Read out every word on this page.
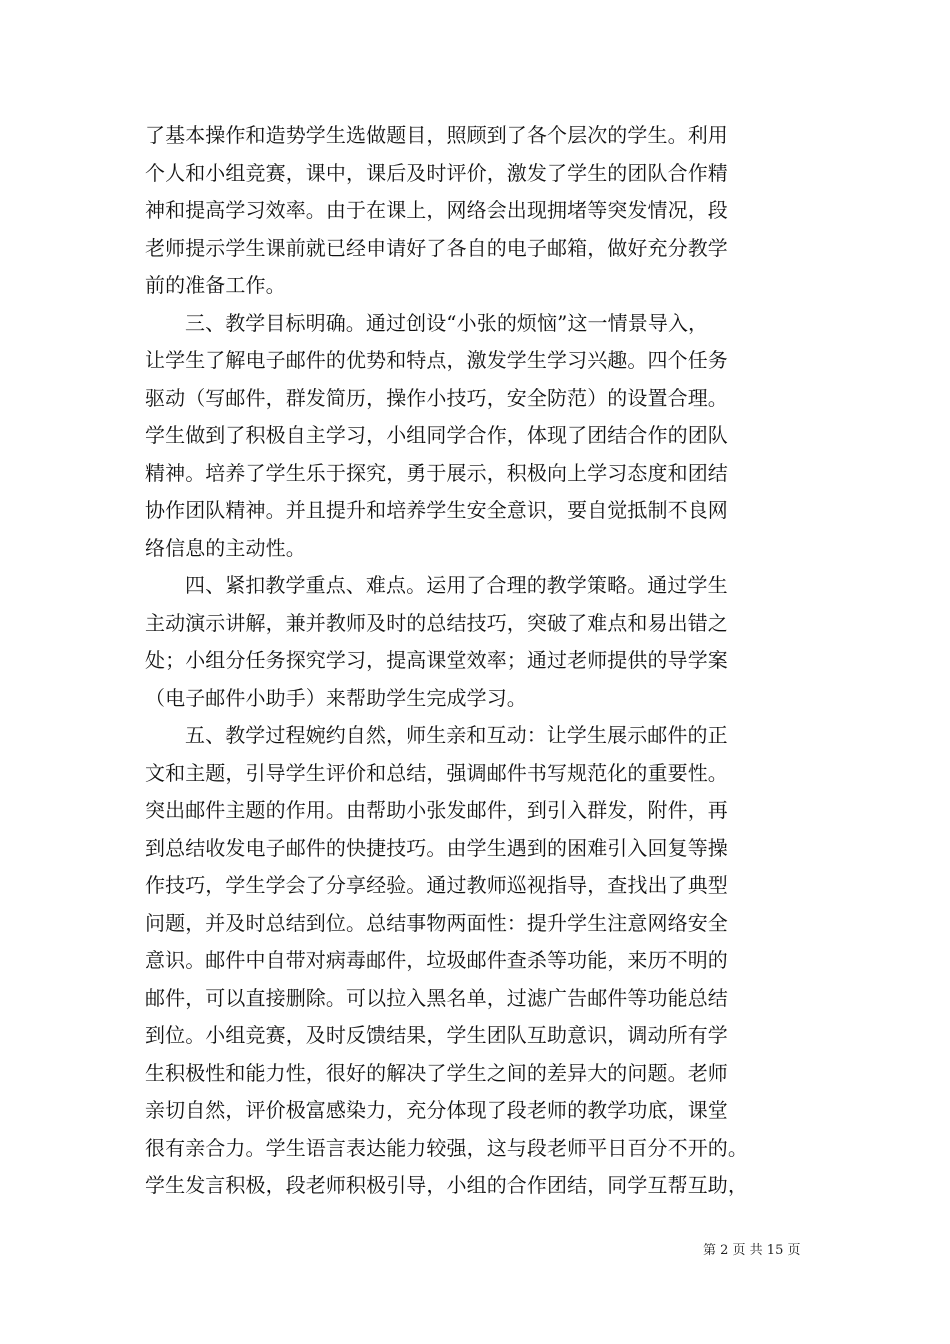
了基本操作和造势学生选做题目，照顾到了各个层次的学生。利用
个人和小组竞赛，课中，课后及时评价，激发了学生的团队合作精
神和提高学习效率。由于在课上，网络会出现拥堵等突发情况，段
老师提示学生课前就已经申请好了各自的电子邮箱，做好充分教学
前的准备工作。
三、教学目标明确。通过创设“小张的烦恼”这一情景导入，
让学生了解电子邮件的优势和特点，激发学生学习兴趣。四个任务
驱动（写邮件，群发简历，操作小技巧，安全防范）的设置合理。
学生做到了积极自主学习，小组同学合作，体现了团结合作的团队
精神。培养了学生乐于探究，勇于展示，积极向上学习态度和团结
协作团队精神。并且提升和培养学生安全意识，要自觉抵制不良网
络信息的主动性。
四、紧扣教学重点、难点。运用了合理的教学策略。通过学生
主动演示讲解，兼并教师及时的总结技巧，突破了难点和易出错之
处；小组分任务探究学习，提高课堂效率；通过老师提供的导学案
（电子邮件小助手）来帮助学生完成学习。
五、教学过程婉约自然，师生亲和互动：让学生展示邮件的正
文和主题，引导学生评价和总结，强调邮件书写规范化的重要性。
突出邮件主题的作用。由帮助小张发邮件，到引入群发，附件，再
到总结收发电子邮件的快捷技巧。由学生遇到的困难引入回复等操
作技巧，学生学会了分享经验。通过教师巡视指导，查找出了典型
问题，并及时总结到位。总结事物两面性：提升学生注意网络安全
意识。邮件中自带对病毒邮件，垃圾邮件查杀等功能，来历不明的
邮件，可以直接删除。可以拉入黑名单，过滤广告邮件等功能总结
到位。小组竞赛，及时反馈结果，学生团队互助意识，调动所有学
生积极性和能力性，很好的解决了学生之间的差异大的问题。老师
亲切自然，评价极富感染力，充分体现了段老师的教学功底，课堂
很有亲合力。学生语言表达能力较强，这与段老师平日百分不开的。
学生发言积极，段老师积极引导，小组的合作团结，同学互帮互助，
第 2 页 共 15 页
